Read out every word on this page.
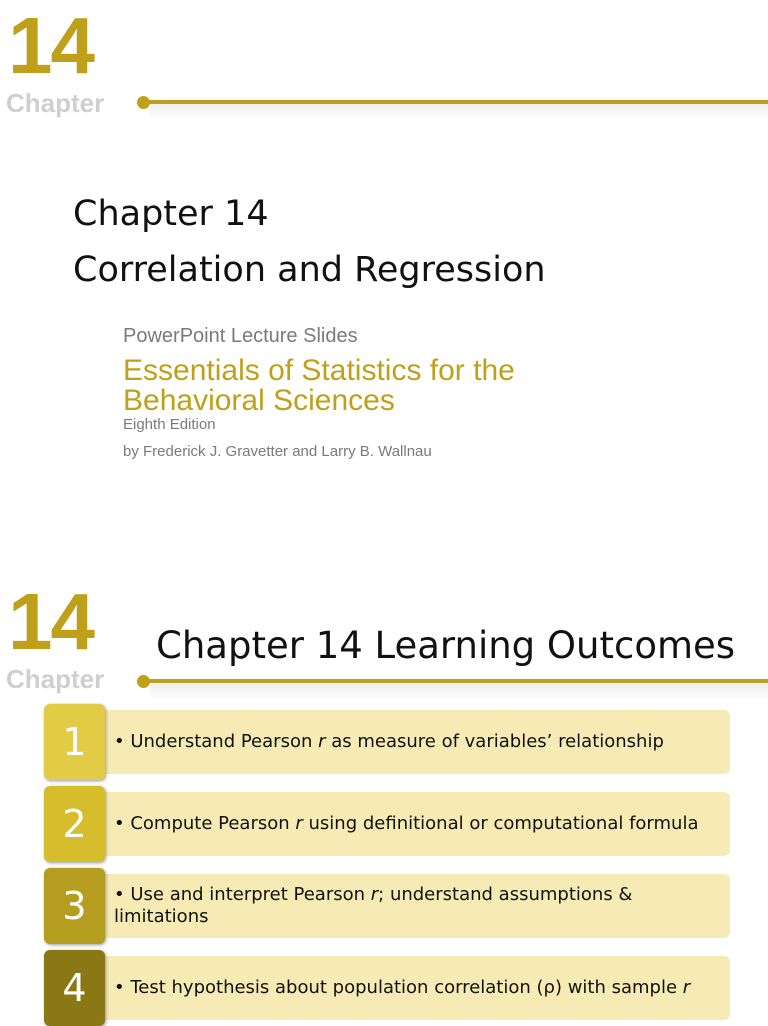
14
Chapter
Chapter 14
Correlation and Regression
PowerPoint Lecture Slides
Essentials of Statistics for the
Behavioral Sciences
Eighth Edition
by Frederick J. Gravetter and Larry B. Wallnau
14
Chapter
Chapter 14 Learning Outcomes
• Understand Pearson r as measure of variables’ relationship
1
• Compute Pearson r using definitional or computational formula
2
• Use and interpret Pearson r; understand assumptions & limitations
3
• Test hypothesis about population correlation (ρ) with sample r
4
